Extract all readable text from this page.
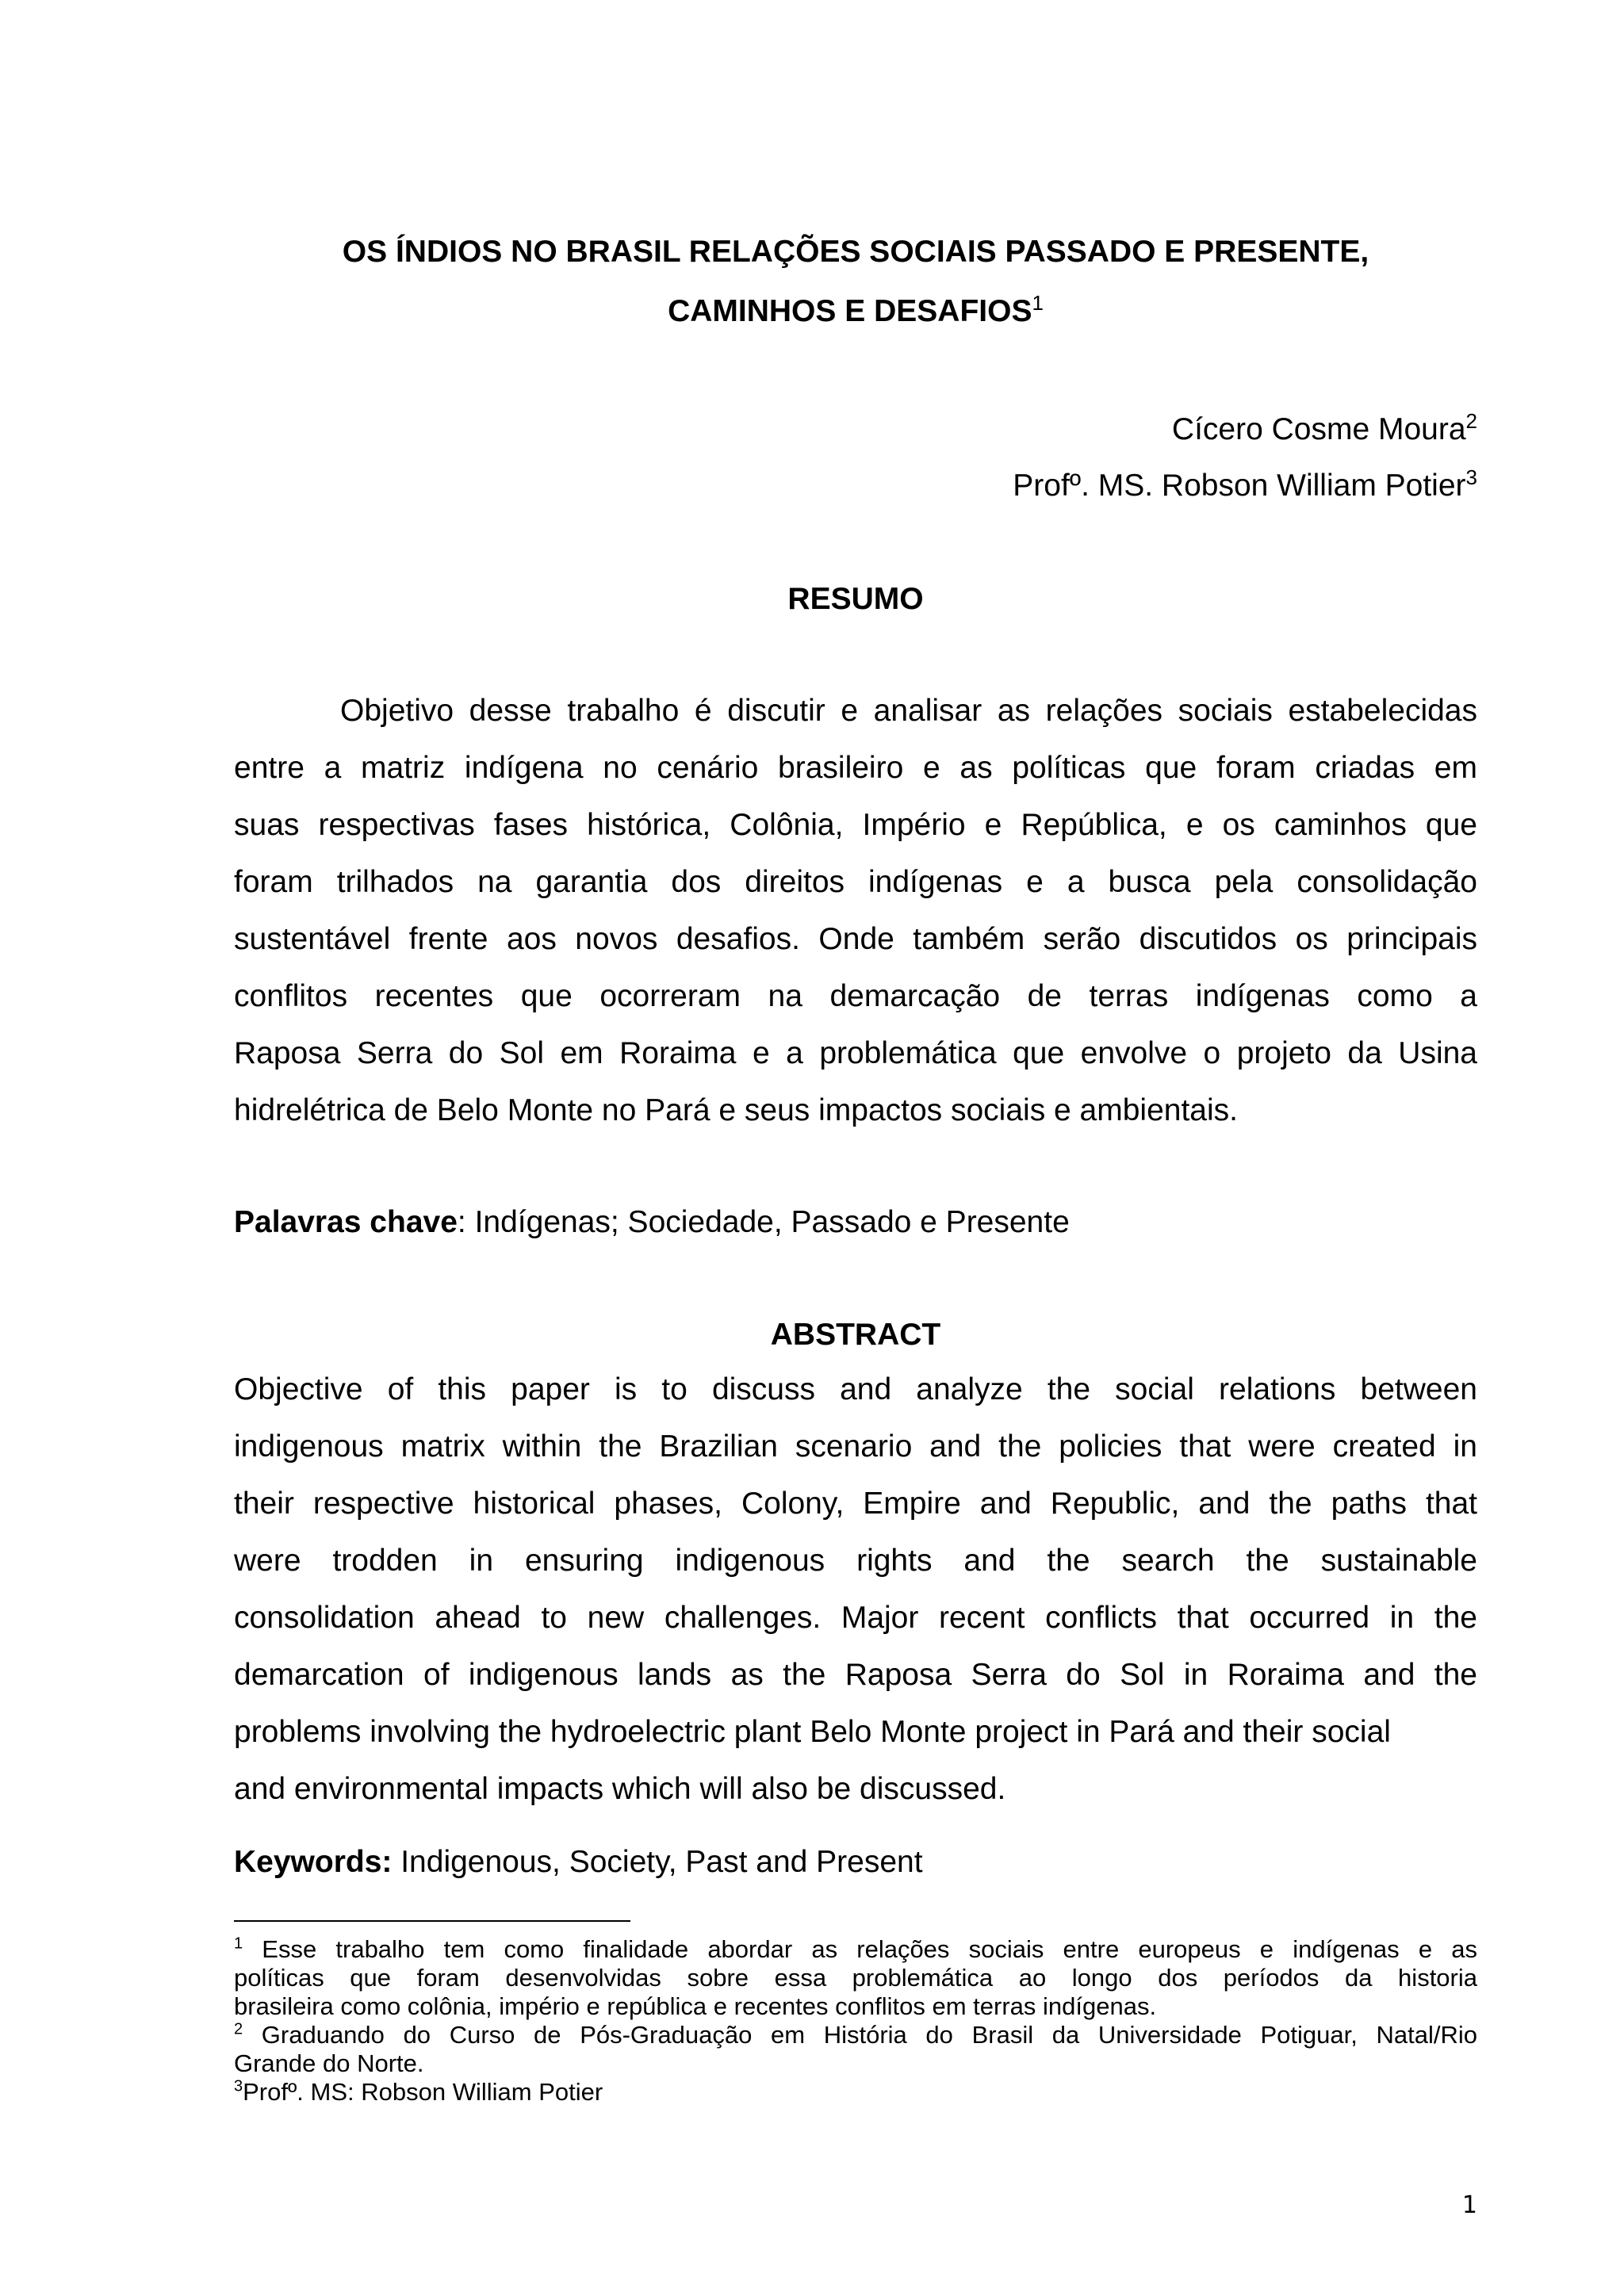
OS ÍNDIOS NO BRASIL RELAÇÕES SOCIAIS PASSADO E PRESENTE,
CAMINHOS E DESAFIOS$^1$
Cícero Cosme Moura$^2$
Profº. MS. Robson William Potier$^3$
RESUMO
Objetivo desse trabalho é discutir e analisar as relações sociais estabelecidas
entre a matriz indígena no cenário brasileiro e as políticas que foram criadas em
suas respectivas fases histórica, Colônia, Império e República, e os caminhos que
foram trilhados na garantia dos direitos indígenas e a busca pela consolidação
sustentável frente aos novos desafios. Onde também serão discutidos os principais
conflitos recentes que ocorreram na demarcação de terras indígenas como a
Raposa Serra do Sol em Roraima e a problemática que envolve o projeto da Usina
hidrelétrica de Belo Monte no Pará e seus impactos sociais e ambientais.
Palavras chave: Indígenas; Sociedade, Passado e Presente
ABSTRACT
Objective of this paper is to discuss and analyze the social relations between
indigenous matrix within the Brazilian scenario and the policies that were created in
their respective historical phases, Colony, Empire and Republic, and the paths that
were trodden in ensuring indigenous rights and the search the sustainable
consolidation ahead to new challenges. Major recent conflicts that occurred in the
demarcation of indigenous lands as the Raposa Serra do Sol in Roraima and the
problems involving the hydroelectric plant Belo Monte project in Pará and their social
and environmental impacts which will also be discussed.
Keywords: Indigenous, Society, Past and Present
$^1$ Esse trabalho tem como finalidade abordar as relações sociais entre europeus e indígenas e as
políticas que foram desenvolvidas sobre essa problemática ao longo dos períodos da historia
brasileira como colônia, império e república e recentes conflitos em terras indígenas.
$^2$ Graduando do Curso de Pós-Graduação em História do Brasil da Universidade Potiguar, Natal/Rio
Grande do Norte.
$^3$Profº. MS: Robson William Potier
1
